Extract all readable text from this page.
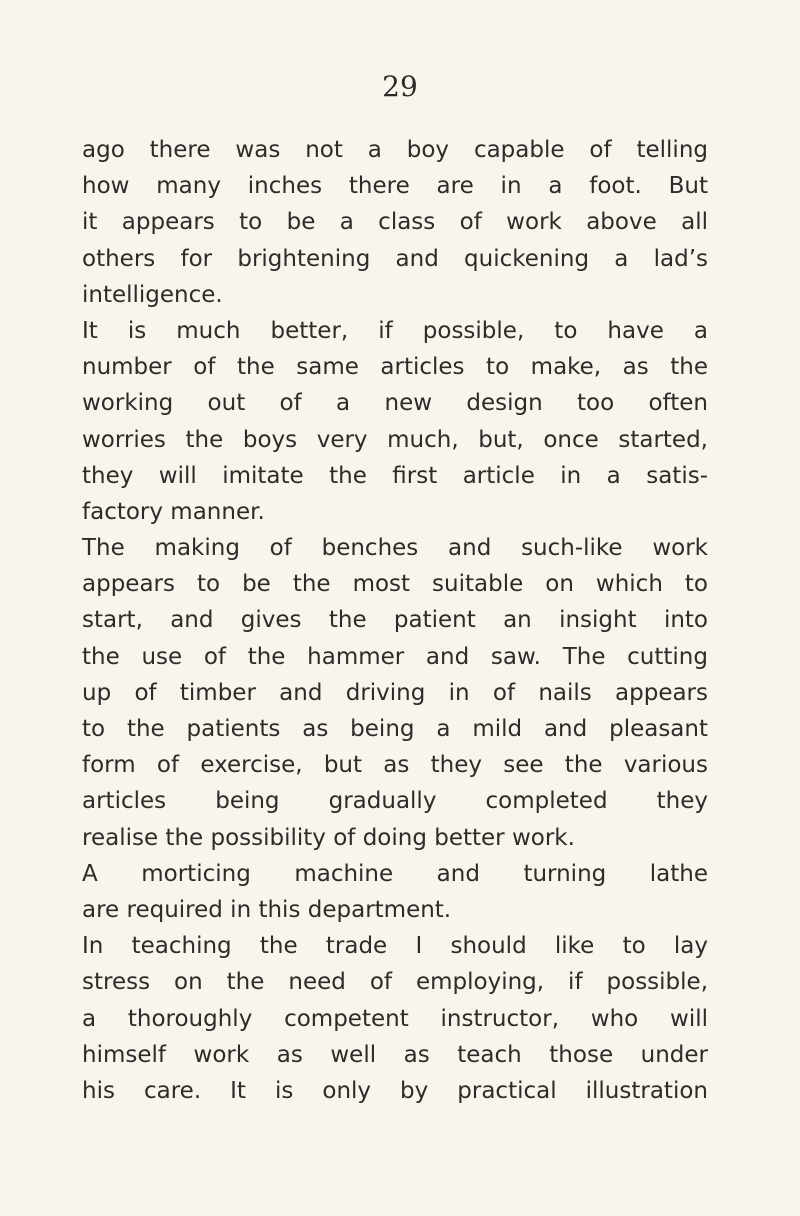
29
ago there was not a boy capable of telling
how many inches there are in a foot. But
it appears to be a class of work above all
others for brightening and quickening a lad’s
intelligence.
It is much better, if possible, to have a
number of the same articles to make, as the
working out of a new design too often
worries the boys very much, but, once started,
they will imitate the first article in a satis-
factory manner.
The making of benches and such-like work
appears to be the most suitable on which to
start, and gives the patient an insight into
the use of the hammer and saw. The cutting
up of timber and driving in of nails appears
to the patients as being a mild and pleasant
form of exercise, but as they see the various
articles being gradually completed they
realise the possibility of doing better work.
A morticing machine and turning lathe
are required in this department.
In teaching the trade I should like to lay
stress on the need of employing, if possible,
a thoroughly competent instructor, who will
himself work as well as teach those under
his care. It is only by practical illustration
